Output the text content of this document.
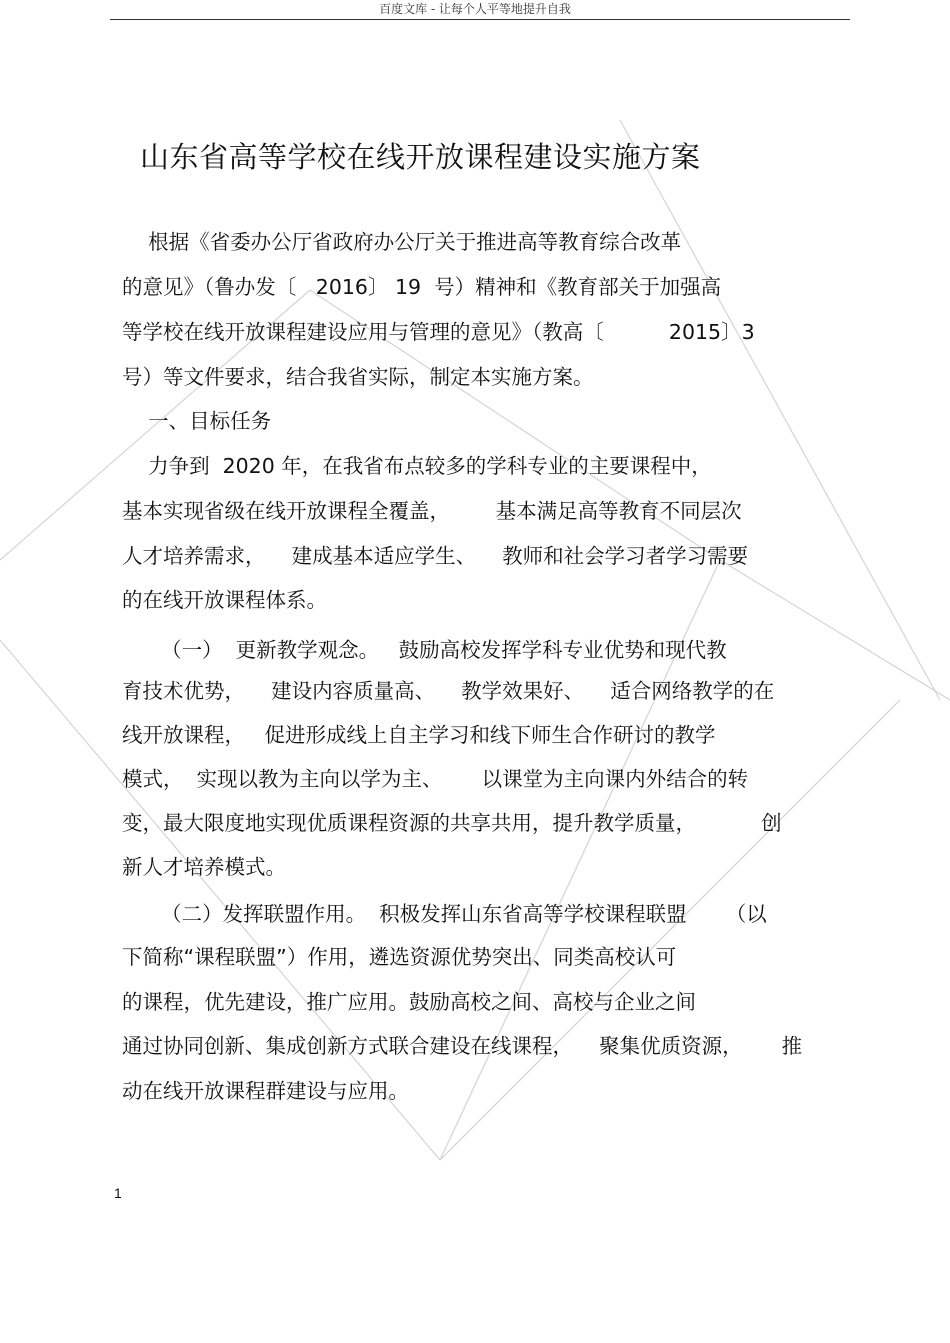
百度文库 - 让每个人平等地提升自我
山东省高等学校在线开放课程建设实施方案
根据《省委办公厅省政府办公厅关于推进高等教育综合改革
的意见》（鲁办发〔   2016〕 19  号）精神和《教育部关于加强高
等学校在线开放课程建设应用与管理的意见》（教高〔          2015〕3
号）等文件要求，结合我省实际，制定本实施方案。
一、目标任务
力争到  2020 年，在我省布点较多的学科专业的主要课程中，
基本实现省级在线开放课程全覆盖，       基本满足高等教育不同层次
人才培养需求，    建成基本适应学生、    教师和社会学习者学习需要
的在线开放课程体系。
（一）  更新教学观念。   鼓励高校发挥学科专业优势和现代教
育技术优势，    建设内容质量高、    教学效果好、    适合网络教学的在
线开放课程，   促进形成线上自主学习和线下师生合作研讨的教学
模式，  实现以教为主向以学为主、      以课堂为主向课内外结合的转
变，最大限度地实现优质课程资源的共享共用，提升教学质量，          创
新人才培养模式。
（二）发挥联盟作用。  积极发挥山东省高等学校课程联盟      （以
下简称“课程联盟”）作用，遴选资源优势突出、同类高校认可
的课程，优先建设，推广应用。鼓励高校之间、高校与企业之间
通过协同创新、集成创新方式联合建设在线课程，    聚集优质资源，      推
动在线开放课程群建设与应用。
1
